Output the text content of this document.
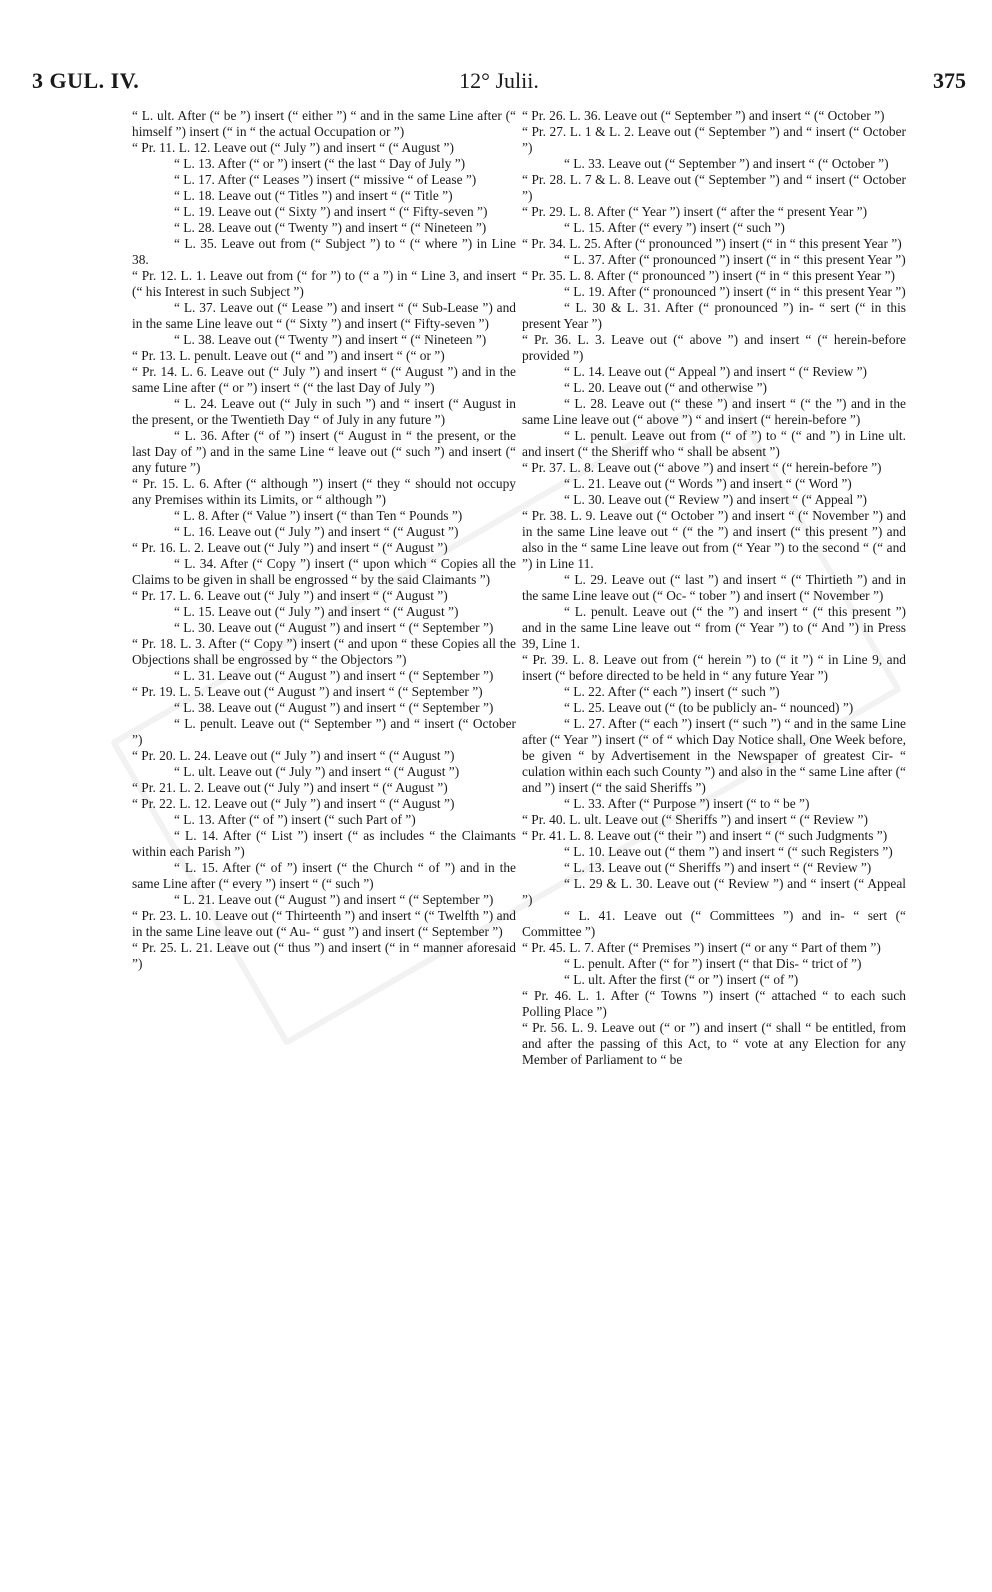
3 GUL. IV.	12° Julii.	375

“ L. ult. After (“ be ”) insert (“ either ”) “ and in the same Line after (“ himself ”) insert (“ in “ the actual Occupation or ”)

“ Pr. 11. L. 12. Leave out (“ July ”) and insert “ (“ August ”)

“ L. 13. After (“ or ”) insert (“ the last “ Day of July ”)

“ L. 17. After (“ Leases ”) insert (“ missive “ of Lease ”)

“ L. 18. Leave out (“ Titles ”) and insert “ (“ Title ”)

“ L. 19. Leave out (“ Sixty ”) and insert “ (“ Fifty-seven ”)

“ L. 28. Leave out (“ Twenty ”) and insert “ (“ Nineteen ”)

“ L. 35. Leave out from (“ Subject ”) to “ (“ where ”) in Line 38.

“ Pr. 12. L. 1. Leave out from (“ for ”) to (“ a ”) in “ Line 3, and insert (“ his Interest in such Subject ”)

“ L. 37. Leave out (“ Lease ”) and insert “ (“ Sub-Lease ”) and in the same Line leave out “ (“ Sixty ”) and insert (“ Fifty-seven ”)

“ L. 38. Leave out (“ Twenty ”) and insert “ (“ Nineteen ”)

“ Pr. 13. L. penult. Leave out (“ and ”) and insert “ (“ or ”)

“ Pr. 14. L. 6. Leave out (“ July ”) and insert “ (“ August ”) and in the same Line after (“ or ”) insert “ (“ the last Day of July ”)

“ L. 24. Leave out (“ July in such ”) and “ insert (“ August in the present, or the Twentieth Day “ of July in any future ”)

“ L. 36. After (“ of ”) insert (“ August in “ the present, or the last Day of ”) and in the same Line “ leave out (“ such ”) and insert (“ any future ”)

“ Pr. 15. L. 6. After (“ although ”) insert (“ they “ should not occupy any Premises within its Limits, or “ although ”)

“ L. 8. After (“ Value ”) insert (“ than Ten “ Pounds ”)

“ L. 16. Leave out (“ July ”) and insert “ (“ August ”)

“ Pr. 16. L. 2. Leave out (“ July ”) and insert “ (“ August ”)

“ L. 34. After (“ Copy ”) insert (“ upon which “ Copies all the Claims to be given in shall be engrossed “ by the said Claimants ”)

“ Pr. 17. L. 6. Leave out (“ July ”) and insert “ (“ August ”)

“ L. 15. Leave out (“ July ”) and insert “ (“ August ”)

“ L. 30. Leave out (“ August ”) and insert “ (“ September ”)

“ Pr. 18. L. 3. After (“ Copy ”) insert (“ and upon “ these Copies all the Objections shall be engrossed by “ the Objectors ”)

“ L. 31. Leave out (“ August ”) and insert “ (“ September ”)

“ Pr. 19. L. 5. Leave out (“ August ”) and insert “ (“ September ”)

“ L. 38. Leave out (“ August ”) and insert “ (“ September ”)

“ L. penult. Leave out (“ September ”) and “ insert (“ October ”)

“ Pr. 20. L. 24. Leave out (“ July ”) and insert “ (“ August ”)

“ L. ult. Leave out (“ July ”) and insert “ (“ August ”)

“ Pr. 21. L. 2. Leave out (“ July ”) and insert “ (“ August ”)

“ Pr. 22. L. 12. Leave out (“ July ”) and insert “ (“ August ”)

“ L. 13. After (“ of ”) insert (“ such Part of ”)

“ L. 14. After (“ List ”) insert (“ as includes “ the Claimants within each Parish ”)

“ L. 15. After (“ of ”) insert (“ the Church “ of ”) and in the same Line after (“ every ”) insert “ (“ such ”)

“ L. 21. Leave out (“ August ”) and insert “ (“ September ”)

“ Pr. 23. L. 10. Leave out (“ Thirteenth ”) and insert “ (“ Twelfth ”) and in the same Line leave out (“ Au- “ gust ”) and insert (“ September ”)

“ Pr. 25. L. 21. Leave out (“ thus ”) and insert (“ in “ manner aforesaid ”)

“ Pr. 26. L. 36. Leave out (“ September ”) and insert “ (“ October ”)

“ Pr. 27. L. 1 & L. 2. Leave out (“ September ”) and “ insert (“ October ”)

“ L. 33. Leave out (“ September ”) and insert “ (“ October ”)

“ Pr. 28. L. 7 & L. 8. Leave out (“ September ”) and “ insert (“ October ”)

“ Pr. 29. L. 8. After (“ Year ”) insert (“ after the “ present Year ”)

“ L. 15. After (“ every ”) insert (“ such ”)

“ Pr. 34. L. 25. After (“ pronounced ”) insert (“ in “ this present Year ”)

“ L. 37. After (“ pronounced ”) insert (“ in “ this present Year ”)

“ Pr. 35. L. 8. After (“ pronounced ”) insert (“ in “ this present Year ”)

“ L. 19. After (“ pronounced ”) insert (“ in “ this present Year ”)

“ L. 30 & L. 31. After (“ pronounced ”) in- “ sert (“ in this present Year ”)

“ Pr. 36. L. 3. Leave out (“ above ”) and insert “ (“ herein-before provided ”)

“ L. 14. Leave out (“ Appeal ”) and insert “ (“ Review ”)

“ L. 20. Leave out (“ and otherwise ”)

“ L. 28. Leave out (“ these ”) and insert “ (“ the ”) and in the same Line leave out (“ above ”) “ and insert (“ herein-before ”)

“ L. penult. Leave out from (“ of ”) to “ (“ and ”) in Line ult. and insert (“ the Sheriff who “ shall be absent ”)

“ Pr. 37. L. 8. Leave out (“ above ”) and insert “ (“ herein-before ”)

“ L. 21. Leave out (“ Words ”) and insert “ (“ Word ”)

“ L. 30. Leave out (“ Review ”) and insert “ (“ Appeal ”)

“ Pr. 38. L. 9. Leave out (“ October ”) and insert “ (“ November ”) and in the same Line leave out “ (“ the ”) and insert (“ this present ”) and also in the “ same Line leave out from (“ Year ”) to the second “ (“ and ”) in Line 11.

“ L. 29. Leave out (“ last ”) and insert “ (“ Thirtieth ”) and in the same Line leave out (“ Oc- “ tober ”) and insert (“ November ”)

“ L. penult. Leave out (“ the ”) and insert “ (“ this present ”) and in the same Line leave out “ from (“ Year ”) to (“ And ”) in Press 39, Line 1.

“ Pr. 39. L. 8. Leave out from (“ herein ”) to (“ it ”) “ in Line 9, and insert (“ before directed to be held in “ any future Year ”)

“ L. 22. After (“ each ”) insert (“ such ”)

“ L. 25. Leave out (“ (to be publicly an- “ nounced) ”)

“ L. 27. After (“ each ”) insert (“ such ”) “ and in the same Line after (“ Year ”) insert (“ of “ which Day Notice shall, One Week before, be given “ by Advertisement in the Newspaper of greatest Cir- “ culation within each such County ”) and also in the “ same Line after (“ and ”) insert (“ the said Sheriffs ”)

“ L. 33. After (“ Purpose ”) insert (“ to “ be ”)

“ Pr. 40. L. ult. Leave out (“ Sheriffs ”) and insert “ (“ Review ”)

“ Pr. 41. L. 8. Leave out (“ their ”) and insert “ (“ such Judgments ”)

“ L. 10. Leave out (“ them ”) and insert “ (“ such Registers ”)

“ L. 13. Leave out (“ Sheriffs ”) and insert “ (“ Review ”)

“ L. 29 & L. 30. Leave out (“ Review ”) and “ insert (“ Appeal ”)

“ L. 41. Leave out (“ Committees ”) and in- “ sert (“ Committee ”)

“ Pr. 45. L. 7. After (“ Premises ”) insert (“ or any “ Part of them ”)

“ L. penult. After (“ for ”) insert (“ that Dis- “ trict of ”)

“ L. ult. After the first (“ or ”) insert (“ of ”)

“ Pr. 46. L. 1. After (“ Towns ”) insert (“ attached “ to each such Polling Place ”)

“ Pr. 56. L. 9. Leave out (“ or ”) and insert (“ shall “ be entitled, from and after the passing of this Act, to “ vote at any Election for any Member of Parliament to “ be
